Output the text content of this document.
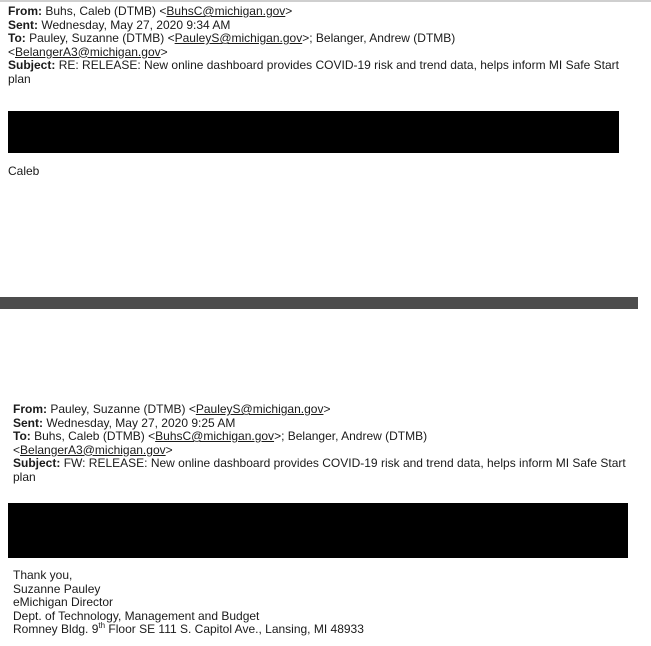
From: Buhs, Caleb (DTMB) <BuhsC@michigan.gov>
Sent: Wednesday, May 27, 2020 9:34 AM
To: Pauley, Suzanne (DTMB) <PauleyS@michigan.gov>; Belanger, Andrew (DTMB)
<BelangerA3@michigan.gov>
Subject: RE: RELEASE: New online dashboard provides COVID-19 risk and trend data, helps inform MI Safe Start plan
Caleb
From: Pauley, Suzanne (DTMB) <PauleyS@michigan.gov>
Sent: Wednesday, May 27, 2020 9:25 AM
To: Buhs, Caleb (DTMB) <BuhsC@michigan.gov>; Belanger, Andrew (DTMB)
<BelangerA3@michigan.gov>
Subject: FW: RELEASE: New online dashboard provides COVID-19 risk and trend data, helps inform MI Safe Start plan
Thank you,
Suzanne Pauley
eMichigan Director
Dept. of Technology, Management and Budget
Romney Bldg. 9th Floor SE 111 S. Capitol Ave., Lansing, MI 48933
